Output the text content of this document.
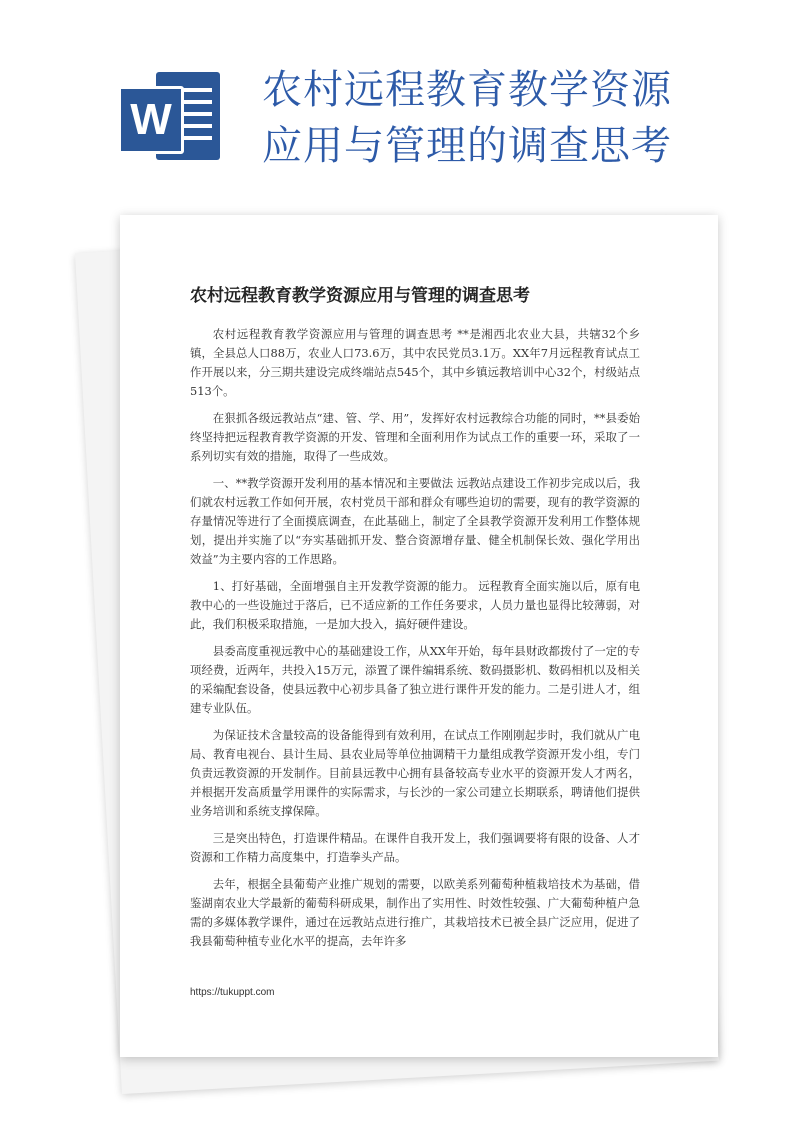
W
农村远程教育教学资源
应用与管理的调查思考
农村远程教育教学资源应用与管理的调查思考

农村远程教育教学资源应用与管理的调查思考 **是湘西北农业大县，共辖32个乡镇，全县总人口88万，农业人口73.6万，其中农民党员3.1万。XX年7月远程教育试点工作开展以来，分三期共建设完成终端站点545个，其中乡镇远教培训中心32个，村级站点513个。

在狠抓各级远教站点“建、管、学、用”，发挥好农村远教综合功能的同时，**县委始终坚持把远程教育教学资源的开发、管理和全面利用作为试点工作的重要一环，采取了一系列切实有效的措施，取得了一些成效。

一、**教学资源开发利用的基本情况和主要做法 远教站点建设工作初步完成以后，我们就农村远教工作如何开展，农村党员干部和群众有哪些迫切的需要，现有的教学资源的存量情况等进行了全面摸底调查，在此基础上，制定了全县教学资源开发利用工作整体规划，提出并实施了以“夯实基础抓开发、整合资源增存量、健全机制保长效、强化学用出效益”为主要内容的工作思路。

1、打好基础，全面增强自主开发教学资源的能力。 远程教育全面实施以后，原有电教中心的一些设施过于落后，已不适应新的工作任务要求，人员力量也显得比较薄弱，对此，我们积极采取措施，一是加大投入，搞好硬件建设。

县委高度重视远教中心的基础建设工作，从XX年开始，每年县财政都拨付了一定的专项经费，近两年，共投入15万元，添置了课件编辑系统、数码摄影机、数码相机以及相关的采编配套设备，使县远教中心初步具备了独立进行课件开发的能力。二是引进人才，组建专业队伍。

为保证技术含量较高的设备能得到有效利用，在试点工作刚刚起步时，我们就从广电局、教育电视台、县计生局、县农业局等单位抽调精干力量组成教学资源开发小组，专门负责远教资源的开发制作。目前县远教中心拥有县备较高专业水平的资源开发人才两名，并根据开发高质量学用课件的实际需求，与长沙的一家公司建立长期联系，聘请他们提供业务培训和系统支撑保障。

三是突出特色，打造课件精品。在课件自我开发上，我们强调要将有限的设备、人才资源和工作精力高度集中，打造拳头产品。

去年，根据全县葡萄产业推广规划的需要，以欧美系列葡萄种植栽培技术为基础，借鉴湖南农业大学最新的葡萄科研成果，制作出了实用性、时效性较强、广大葡萄种植户急需的多媒体教学课件，通过在远教站点进行推广，其栽培技术已被全县广泛应用，促进了我县葡萄种植专业化水平的提高，去年许多

https://tukuppt.com
